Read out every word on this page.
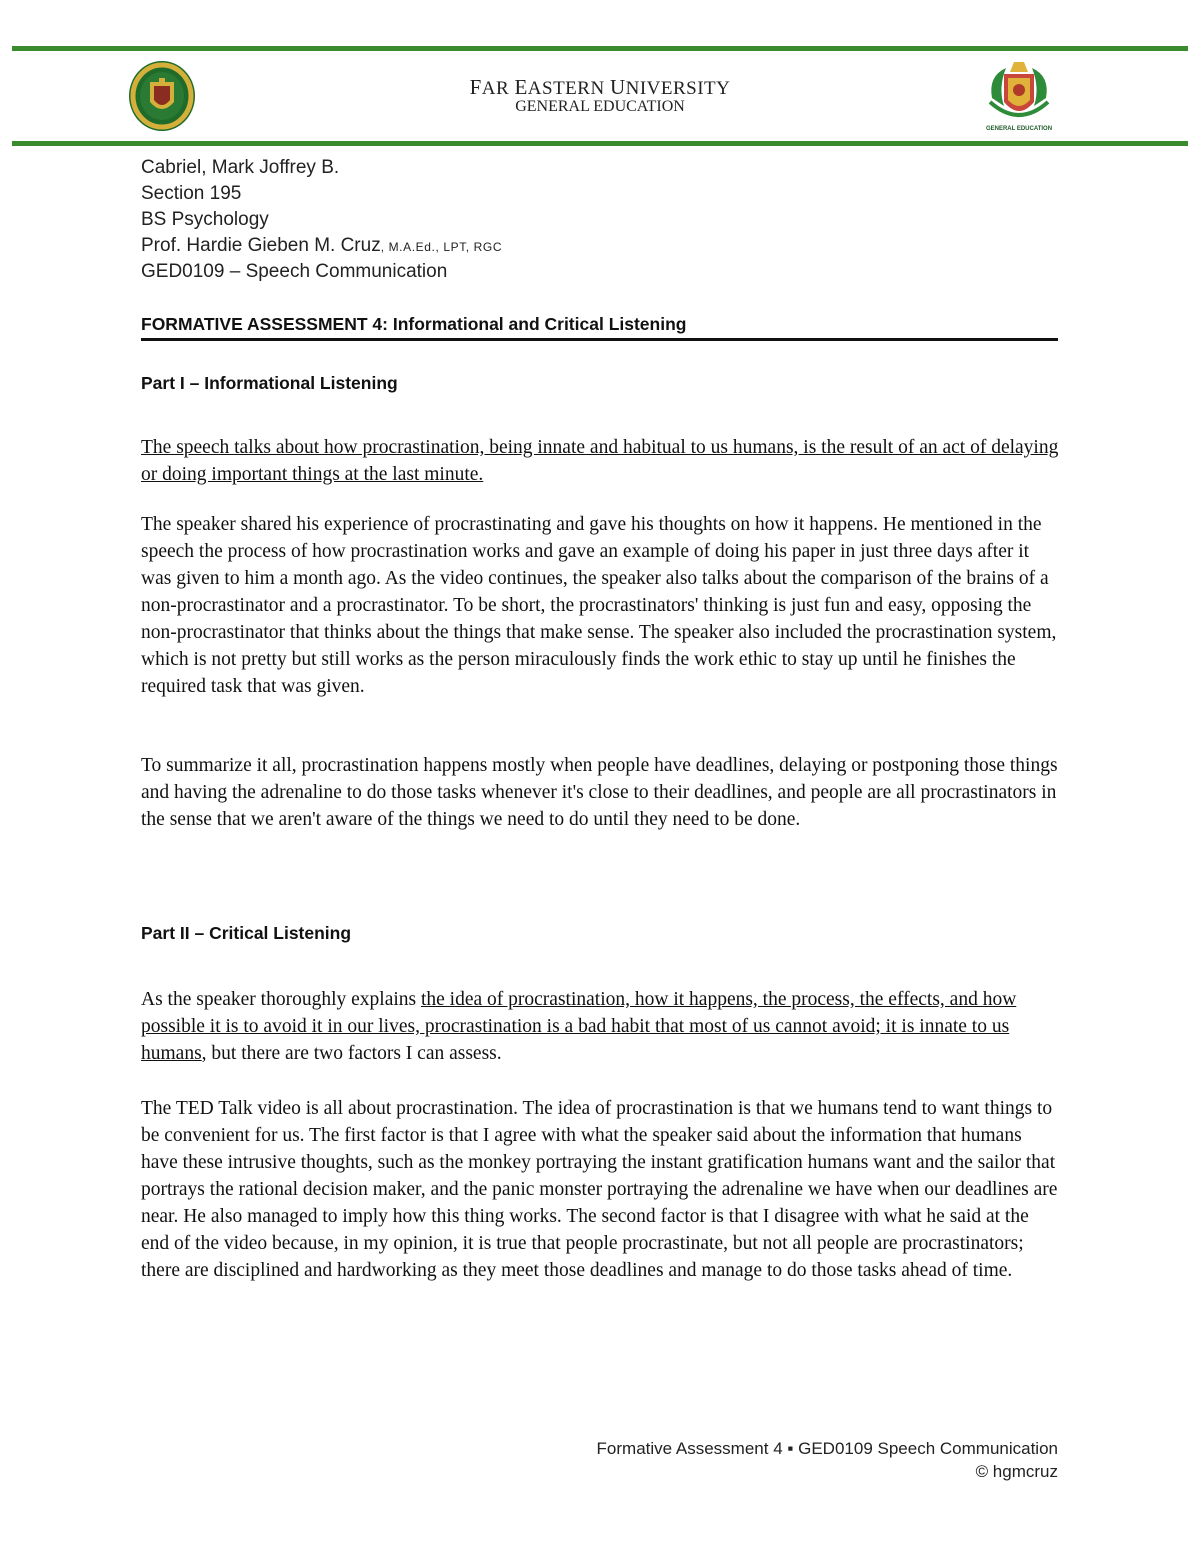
FAR EASTERN UNIVERSITY
GENERAL EDUCATION
GENERAL EDUCATION
Cabriel, Mark Joffrey B.
Section 195
BS Psychology
Prof. Hardie Gieben M. Cruz, M.A.Ed., LPT, RGC
GED0109 – Speech Communication
FORMATIVE ASSESSMENT 4: Informational and Critical Listening
Part I – Informational Listening

The speech talks about how procrastination, being innate and habitual to us humans, is the result of an act of delaying or doing important things at the last minute.

The speaker shared his experience of procrastinating and gave his thoughts on how it happens. He mentioned in the speech the process of how procrastination works and gave an example of doing his paper in just three days after it was given to him a month ago. As the video continues, the speaker also talks about the comparison of the brains of a non-procrastinator and a procrastinator. To be short, the procrastinators' thinking is just fun and easy, opposing the non-procrastinator that thinks about the things that make sense. The speaker also included the procrastination system, which is not pretty but still works as the person miraculously finds the work ethic to stay up until he finishes the required task that was given.

To summarize it all, procrastination happens mostly when people have deadlines, delaying or postponing those things and having the adrenaline to do those tasks whenever it's close to their deadlines, and people are all procrastinators in the sense that we aren't aware of the things we need to do until they need to be done.

Part II – Critical Listening

As the speaker thoroughly explains the idea of procrastination, how it happens, the process, the effects, and how possible it is to avoid it in our lives, procrastination is a bad habit that most of us cannot avoid; it is innate to us humans, but there are two factors I can assess.

The TED Talk video is all about procrastination. The idea of procrastination is that we humans tend to want things to be convenient for us. The first factor is that I agree with what the speaker said about the information that humans have these intrusive thoughts, such as the monkey portraying the instant gratification humans want and the sailor that portrays the rational decision maker, and the panic monster portraying the adrenaline we have when our deadlines are near. He also managed to imply how this thing works. The second factor is that I disagree with what he said at the end of the video because, in my opinion, it is true that people procrastinate, but not all people are procrastinators; there are disciplined and hardworking as they meet those deadlines and manage to do those tasks ahead of time.

Formative Assessment 4 ▪ GED0109 Speech Communication
© hgmcruz
